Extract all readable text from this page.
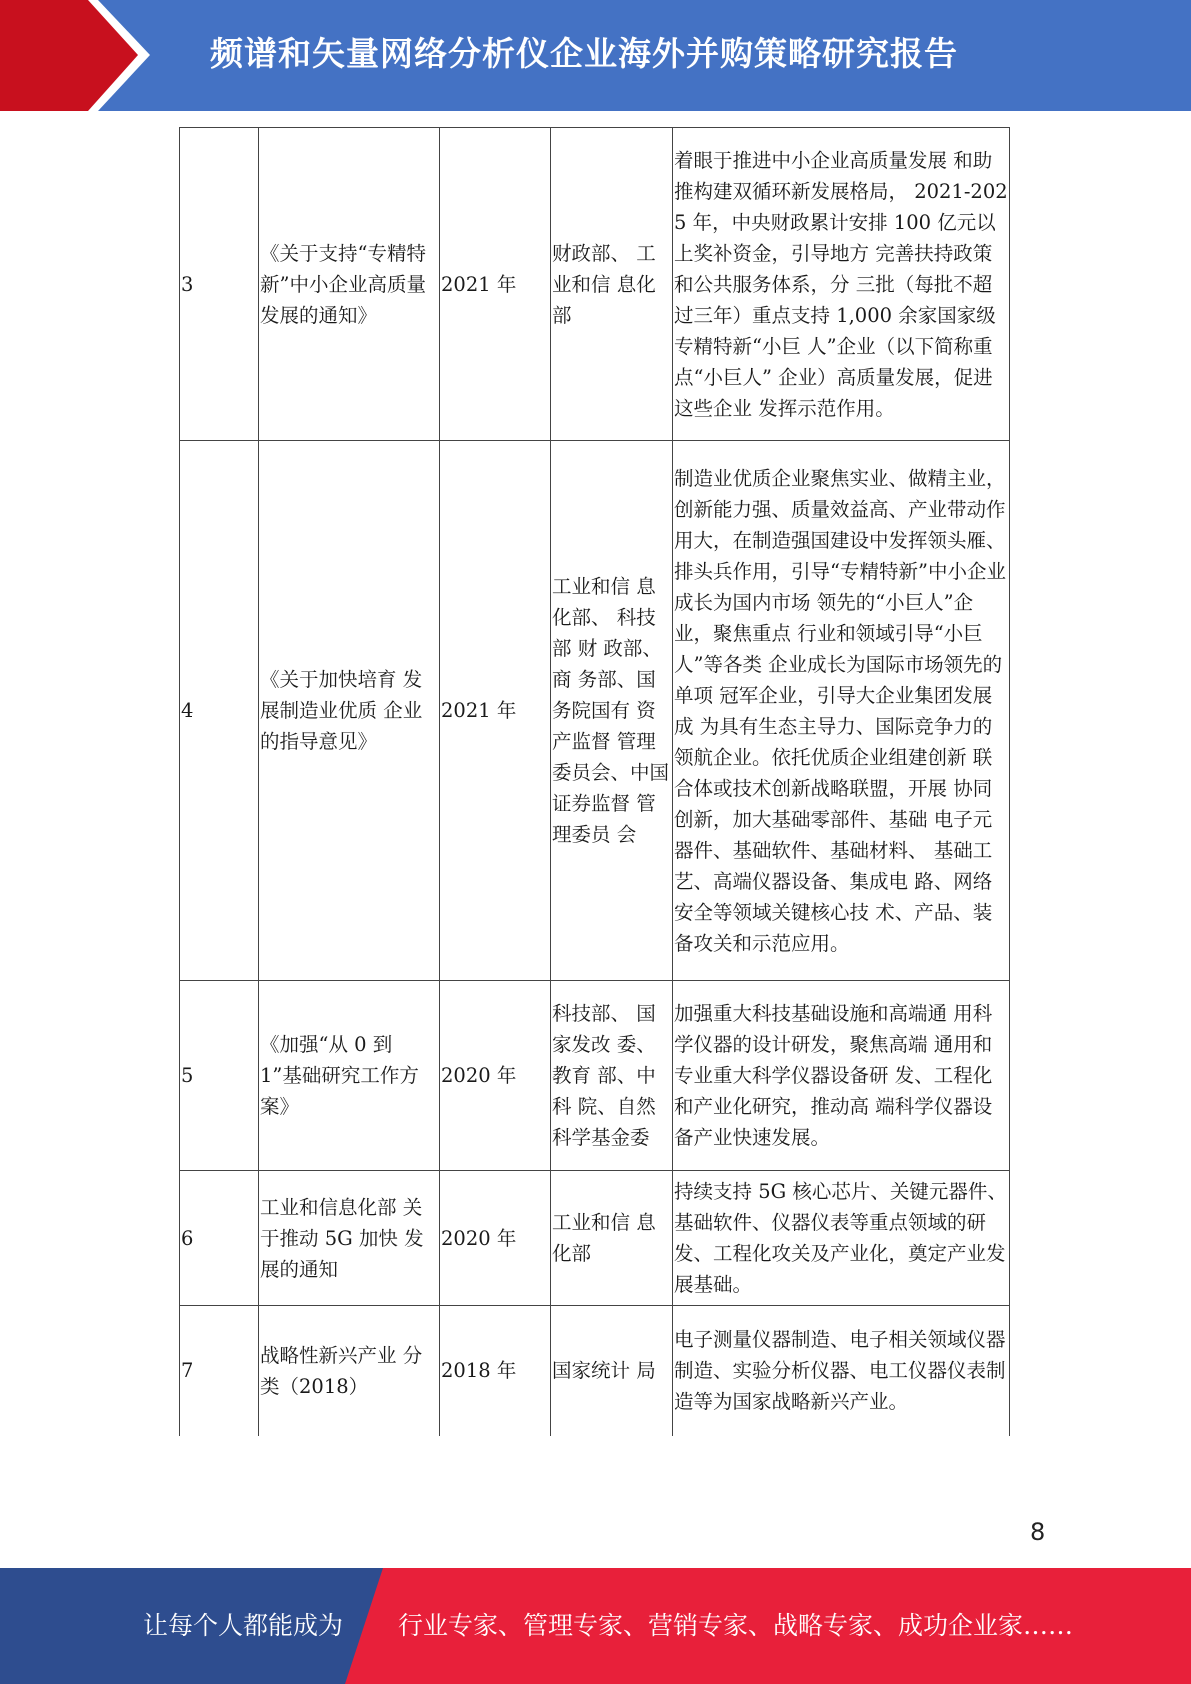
频谱和矢量网络分析仪企业海外并购策略研究报告
3	《关于支持“专精特新”中小企业高质量发展的通知》	2021 年	财政部、 工业和信 息化部	着眼于推进中小企业高质量发展 和助推构建双循环新发展格局， 2021-2025 年，中央财政累计安排 100 亿元以上奖补资金，引导地方 完善扶持政策和公共服务体系，分 三批（每批不超过三年）重点支持 1,000 余家国家级专精特新“小巨 人”企业（以下简称重点“小巨人” 企业）高质量发展，促进这些企业 发挥示范作用。
4	《关于加快培育 发展制造业优质 企业的指导意见》	2021 年	工业和信 息化部、 科技部 财 政部、商 务部、国 务院国有 资产监督 管理委员会、中国 证券监督 管理委员 会	制造业优质企业聚焦实业、做精主业，创新能力强、质量效益高、产业带动作用大，在制造强国建设中发挥领头雁、排头兵作用，引导“专精特新”中小企业成长为国内市场 领先的“小巨人”企业，聚焦重点 行业和领域引导“小巨人”等各类 企业成长为国际市场领先的单项 冠军企业，引导大企业集团发展成 为具有生态主导力、国际竞争力的 领航企业。依托优质企业组建创新 联合体或技术创新战略联盟，开展 协同创新，加大基础零部件、基础 电子元器件、基础软件、基础材料、 基础工艺、高端仪器设备、集成电 路、网络安全等领域关键核心技 术、产品、装备攻关和示范应用。
5	《加强“从 0 到 1”基础研究工作方案》	2020 年	科技部、 国家发改 委、教育 部、中科 院、自然科学基金委	加强重大科技基础设施和高端通 用科学仪器的设计研发，聚焦高端 通用和专业重大科学仪器设备研 发、工程化和产业化研究，推动高 端科学仪器设备产业快速发展。
6	工业和信息化部 关于推动 5G 加快 发展的通知	2020 年	工业和信 息化部	持续支持 5G 核心芯片、关键元器件、基础软件、仪器仪表等重点领域的研发、工程化攻关及产业化，奠定产业发展基础。
7	战略性新兴产业 分类（2018）	2018 年	国家统计 局	电子测量仪器制造、电子相关领域仪器制造、实验分析仪器、电工仪器仪表制造等为国家战略新兴产业。
8
让每个人都能成为 行业专家、管理专家、营销专家、战略专家、成功企业家……
